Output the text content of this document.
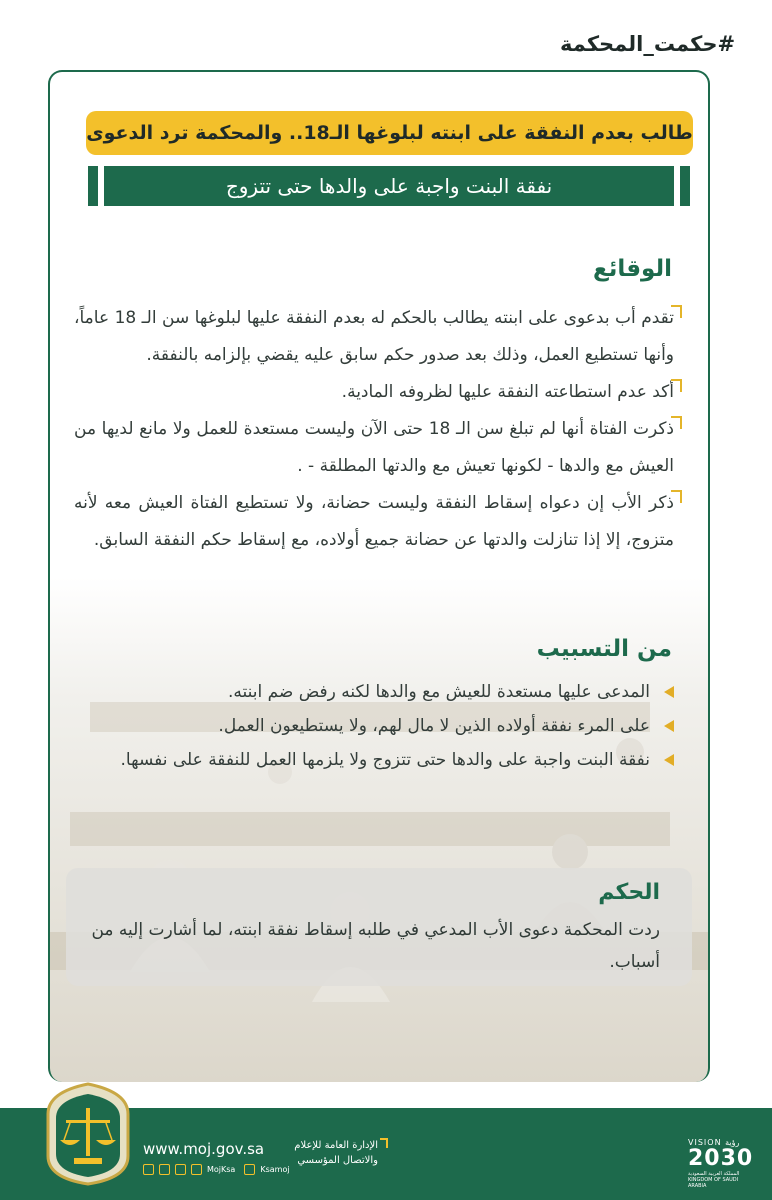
#حكمت_المحكمة
طالب بعدم النفقة على ابنته لبلوغها الـ18.. والمحكمة ترد الدعوى
نفقة البنت واجبة على والدها حتى تتزوج
الوقائع
تقدم أب بدعوى على ابنته يطالب بالحكم له بعدم النفقة عليها لبلوغها سن الـ 18 عاماً، وأنها تستطيع العمل، وذلك بعد صدور حكم سابق عليه يقضي بإلزامه بالنفقة.
أكد عدم استطاعته النفقة عليها لظروفه المادية.
ذكرت الفتاة أنها لم تبلغ سن الـ 18 حتى الآن وليست مستعدة للعمل ولا مانع لديها من العيش مع والدها - لكونها تعيش مع والدتها المطلقة - .
ذكر الأب إن دعواه إسقاط النفقة وليست حضانة، ولا تستطيع الفتاة العيش معه لأنه متزوج، إلا إذا تنازلت والدتها عن حضانة جميع أولاده، مع إسقاط حكم النفقة السابق.
من التسبيب
المدعى عليها مستعدة للعيش مع والدها لكنه رفض ضم ابنته.
على المرء نفقة أولاده الذين لا مال لهم، ولا يستطيعون العمل.
نفقة البنت واجبة على والدها حتى تتزوج ولا يلزمها العمل للنفقة على نفسها.
الحكم
ردت المحكمة دعوى الأب المدعي في طلبه إسقاط نفقة ابنته، لما أشارت إليه من أسباب.
www.moj.gov.sa
MojKsa	Ksamoj
الإدارة العامة للإعلام والاتصال المؤسسي
VISION رؤية
2030
المملكة العربية السعودية KINGDOM OF SAUDI ARABIA
